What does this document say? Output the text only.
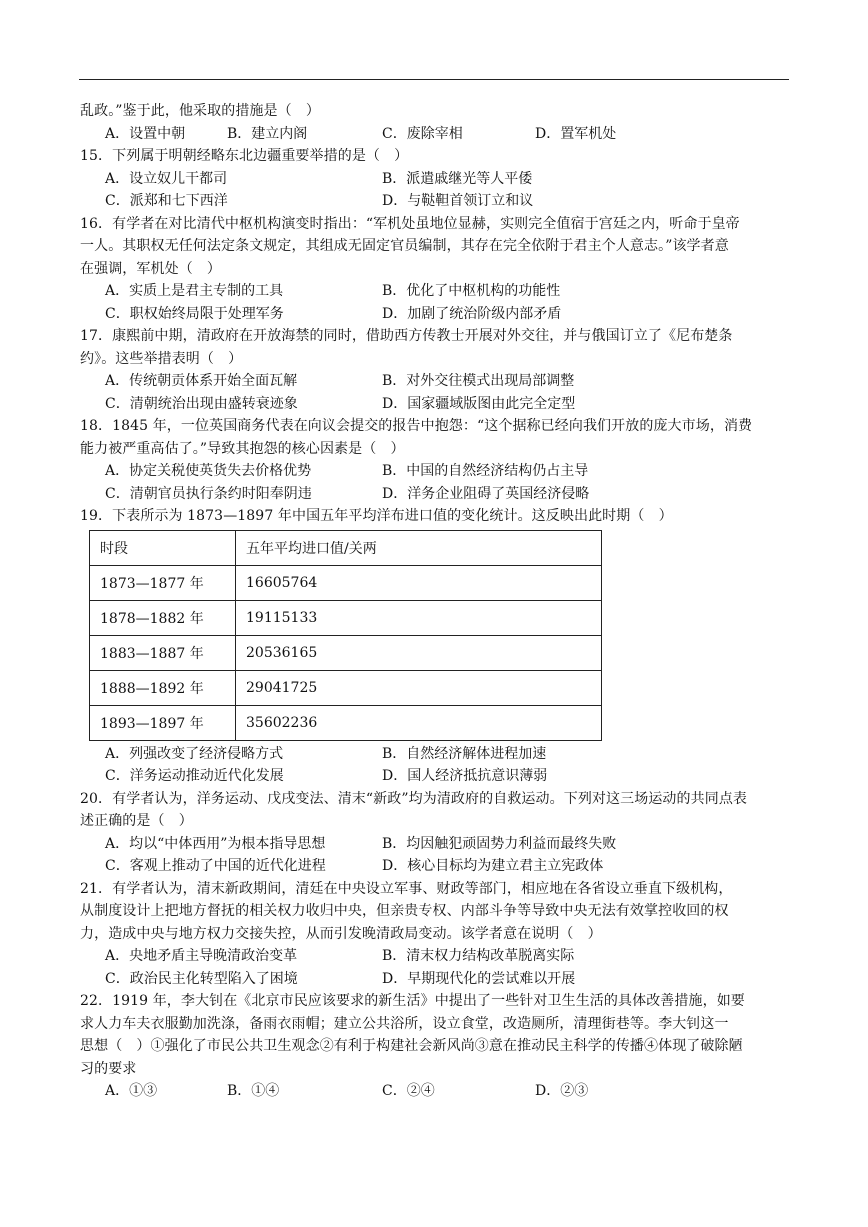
乱政。”鉴于此，他采取的措施是（　）
A．设置中朝	B．建立内阁	C．废除宰相	D．置军机处
15．下列属于明朝经略东北边疆重要举措的是（　）
A．设立奴儿干都司	B．派遣戚继光等人平倭
C．派郑和七下西洋	D．与鞑靼首领订立和议
16．有学者在对比清代中枢机构演变时指出：“军机处虽地位显赫，实则完全值宿于宫廷之内，听命于皇帝
一人。其职权无任何法定条文规定，其组成无固定官员编制，其存在完全依附于君主个人意志。”该学者意
在强调，军机处（　）
A．实质上是君主专制的工具	B．优化了中枢机构的功能性
C．职权始终局限于处理军务	D．加剧了统治阶级内部矛盾
17．康熙前中期，清政府在开放海禁的同时，借助西方传教士开展对外交往，并与俄国订立了《尼布楚条
约》。这些举措表明（　）
A．传统朝贡体系开始全面瓦解	B．对外交往模式出现局部调整
C．清朝统治出现由盛转衰迹象	D．国家疆域版图由此完全定型
18．1845 年，一位英国商务代表在向议会提交的报告中抱怨：“这个据称已经向我们开放的庞大市场，消费
能力被严重高估了。”导致其抱怨的核心因素是（　）
A．协定关税使英货失去价格优势	B．中国的自然经济结构仍占主导
C．清朝官员执行条约时阳奉阴违	D．洋务企业阻碍了英国经济侵略
19．下表所示为 1873—1897 年中国五年平均洋布进口值的变化统计。这反映出此时期（　）
时段	五年平均进口值/关两
1873—1877 年	16605764
1878—1882 年	19115133
1883—1887 年	20536165
1888—1892 年	29041725
1893—1897 年	35602236
A．列强改变了经济侵略方式	B．自然经济解体进程加速
C．洋务运动推动近代化发展	D．国人经济抵抗意识薄弱
20．有学者认为，洋务运动、戊戌变法、清末“新政”均为清政府的自救运动。下列对这三场运动的共同点表
述正确的是（　）
A．均以“中体西用”为根本指导思想	B．均因触犯顽固势力利益而最终失败
C．客观上推动了中国的近代化进程	D．核心目标均为建立君主立宪政体
21．有学者认为，清末新政期间，清廷在中央设立军事、财政等部门，相应地在各省设立垂直下级机构，
从制度设计上把地方督抚的相关权力收归中央，但亲贵专权、内部斗争等导致中央无法有效掌控收回的权
力，造成中央与地方权力交接失控，从而引发晚清政局变动。该学者意在说明（　）
A．央地矛盾主导晚清政治变革	B．清末权力结构改革脱离实际
C．政治民主化转型陷入了困境	D．早期现代化的尝试难以开展
22．1919 年，李大钊在《北京市民应该要求的新生活》中提出了一些针对卫生生活的具体改善措施，如要
求人力车夫衣服勤加洗涤，备雨衣雨帽；建立公共浴所，设立食堂，改造厕所，清理街巷等。李大钊这一
思想（　）①强化了市民公共卫生观念②有利于构建社会新风尚③意在推动民主科学的传播④体现了破除陋
习的要求
A．①③	B．①④	C．②④	D．②③
